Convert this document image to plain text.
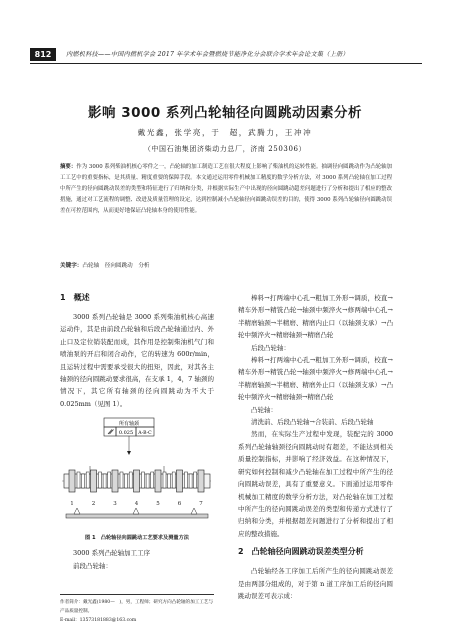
812	内燃机科技——中国内燃机学会 2017 年学术年会暨燃烧节能净化分会联合学术年会论文集（上册）
影响 3000 系列凸轮轴径向圆跳动因素分析
戴光鑫，张学亮，于　超，武腾力，王冲冲
（中国石油集团济柴动力总厂，济南 250306）
摘要：作为 3000 系列柴油机核心零件之一，凸轮轴的加工制造工艺在很大程度上影响了柴油机的运转性能。抽调径向圆跳动作为凸轮轴加工工艺中的重要指标，是其质量、精度重要的保障手段。本文通过运用零件机械加工精度的数学分析方法，对 3000 系列凸轮轴在加工过程中所产生的径向圆跳动误差的类型和特征进行了归纳和分类，并根据实际生产中出现的径向圆跳动超差问题进行了分析和提出了相应的整改措施，通过对工艺流程的调整、改进及质量管理的设定，达到控制减小凸轮轴径向圆跳动误差的目的，使得 3000 系列凸轮轴径向圆跳动误差在可控范围内，从而更好地保证凸轮轴本身的使用性能。
关键字：凸轮轴　径向圆跳动　分析
1　概述

3000 系列凸轮轴是 3000 系列柴油机核心高速运动件，其是由前段凸轮轴和后段凸轮轴通过内、外止口及定位销装配而成，其作用是控制柴油机气门和喷油泵的开启和闭合动作，它的转速为 600r/min，且运转过程中需要承受很大的扭矩，因此，对其各主轴颈的径向圆跳动要求很高，在支承 1，4，7 轴颈的情况下，其它所有轴颈的径向圆跳动为不大于 0.025mm（见图 1）。

所有轴颈
0.025 A-B-C
1	2	3	4	5	6	7
图 1　凸轮轴径向圆跳动工艺要求及测量方法

3000 系列凸轮轴加工工序

前段凸轮轴：

棒料→打两端中心孔→粗加工外形→调质，校直→精车外形→精铣凸轮→轴颈中频淬火→修两端中心孔→半精磨轴颈→半精磨、精磨内止口（以轴颈支承）→凸轮中频淬火→精磨轴颈→精磨凸轮

后段凸轮轴：

棒料→打两端中心孔→粗加工外形→调质，校直→精车外形→精铣凸轮→轴颈中频淬火→修两端中心孔→半精磨轴颈→半精磨、精磨外止口（以轴颈支承）→凸轮中频淬火→精磨轴颈→精磨凸轮

凸轮轴：

清洗前、后段凸轮轴→合装前、后段凸轮轴

然而，在实际生产过程中发现，装配完的 3000 系列凸轮轴轴颈径向圆跳动时有超差，不能达到相关质量控制指标，并影响了经济效益。在这种情况下，研究如何控制和减少凸轮轴在加工过程中所产生的径向圆跳动误差，具有了重要意义。下面通过运用零件机械加工精度的数学分析方法，对凸轮轴在加工过程中所产生的径向圆跳动误差的类型和传递方式进行了归纳和分类，并根据超差问题进行了分析和提出了相应的整改措施。

2　凸轮轴径向圆跳动误差类型分析

凸轮轴经各工序加工后所产生的径向圆跳动误差是由两部分组成的，对于第 n 道工序加工后的径向圆跳动误差可表示成：

作者简介：戴光鑫(1980—　)，男，工程师；研究方向凸轮轴的加工工艺与产品质量控制。
E-mail：13573181883@163.com
